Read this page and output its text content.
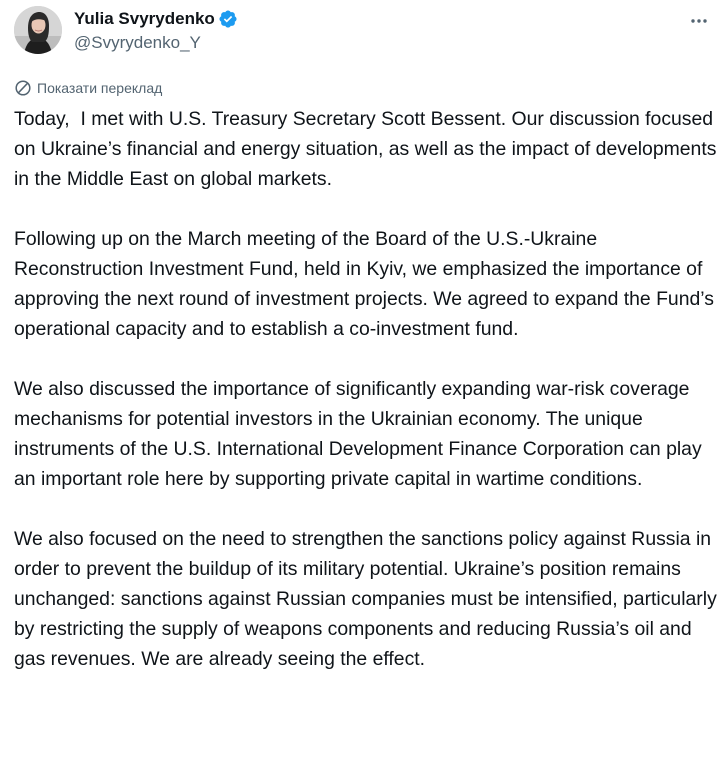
Yulia Svyrydenko
@Svyrydenko_Y
Показати переклад

Today,  I met with U.S. Treasury Secretary Scott Bessent. Our discussion focused on Ukraine’s financial and energy situation, as well as the impact of developments in the Middle East on global markets.

Following up on the March meeting of the Board of the U.S.-Ukraine Reconstruction Investment Fund, held in Kyiv, we emphasized the importance of approving the next round of investment projects. We agreed to expand the Fund’s operational capacity and to establish a co-investment fund.

We also discussed the importance of significantly expanding war-risk coverage mechanisms for potential investors in the Ukrainian economy. The unique instruments of the U.S. International Development Finance Corporation can play an important role here by supporting private capital in wartime conditions.

We also focused on the need to strengthen the sanctions policy against Russia in order to prevent the buildup of its military potential. Ukraine’s position remains unchanged: sanctions against Russian companies must be intensified, particularly by restricting the supply of weapons components and reducing Russia’s oil and gas revenues. We are already seeing the effect.
